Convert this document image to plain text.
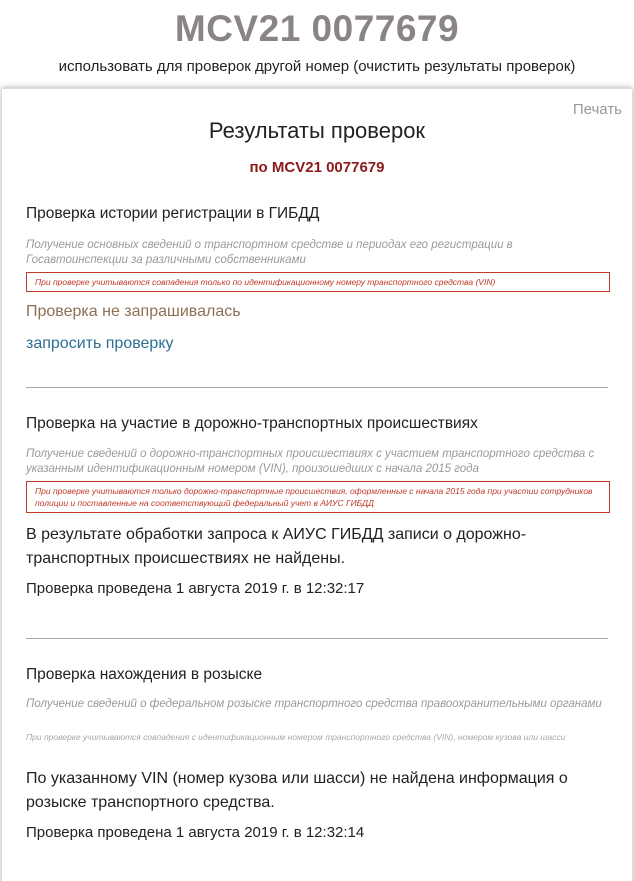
MCV21 0077679
использовать для проверок другой номер (очистить результаты проверок)
Печать
Результаты проверок
по MCV21 0077679
Проверка истории регистрации в ГИБДД
Получение основных сведений о транспортном средстве и периодах его регистрации в Госавтоинспекции за различными собственниками
При проверке учитываются совпадения только по идентификационному номеру транспортного средства (VIN)
Проверка не запрашивалась
запросить проверку
Проверка на участие в дорожно-транспортных происшествиях
Получение сведений о дорожно-транспортных происшествиях с участием транспортного средства с указанным идентификационным номером (VIN), произошедших с начала 2015 года
При проверке учитываются только дорожно-транспортные происшествия, оформленные с начала 2015 года при участии сотрудников полиции и поставленные на соответствующий федеральный учет в АИУС ГИБДД
В результате обработки запроса к АИУС ГИБДД записи о дорожно-транспортных происшествиях не найдены.
Проверка проведена 1 августа 2019 г. в 12:32:17
Проверка нахождения в розыске
Получение сведений о федеральном розыске транспортного средства правоохранительными органами
При проверке учитываются совпадения с идентификационным номером транспортного средства (VIN), номером кузова или шасси
По указанному VIN (номер кузова или шасси) не найдена информация о розыске транспортного средства.
Проверка проведена 1 августа 2019 г. в 12:32:14
